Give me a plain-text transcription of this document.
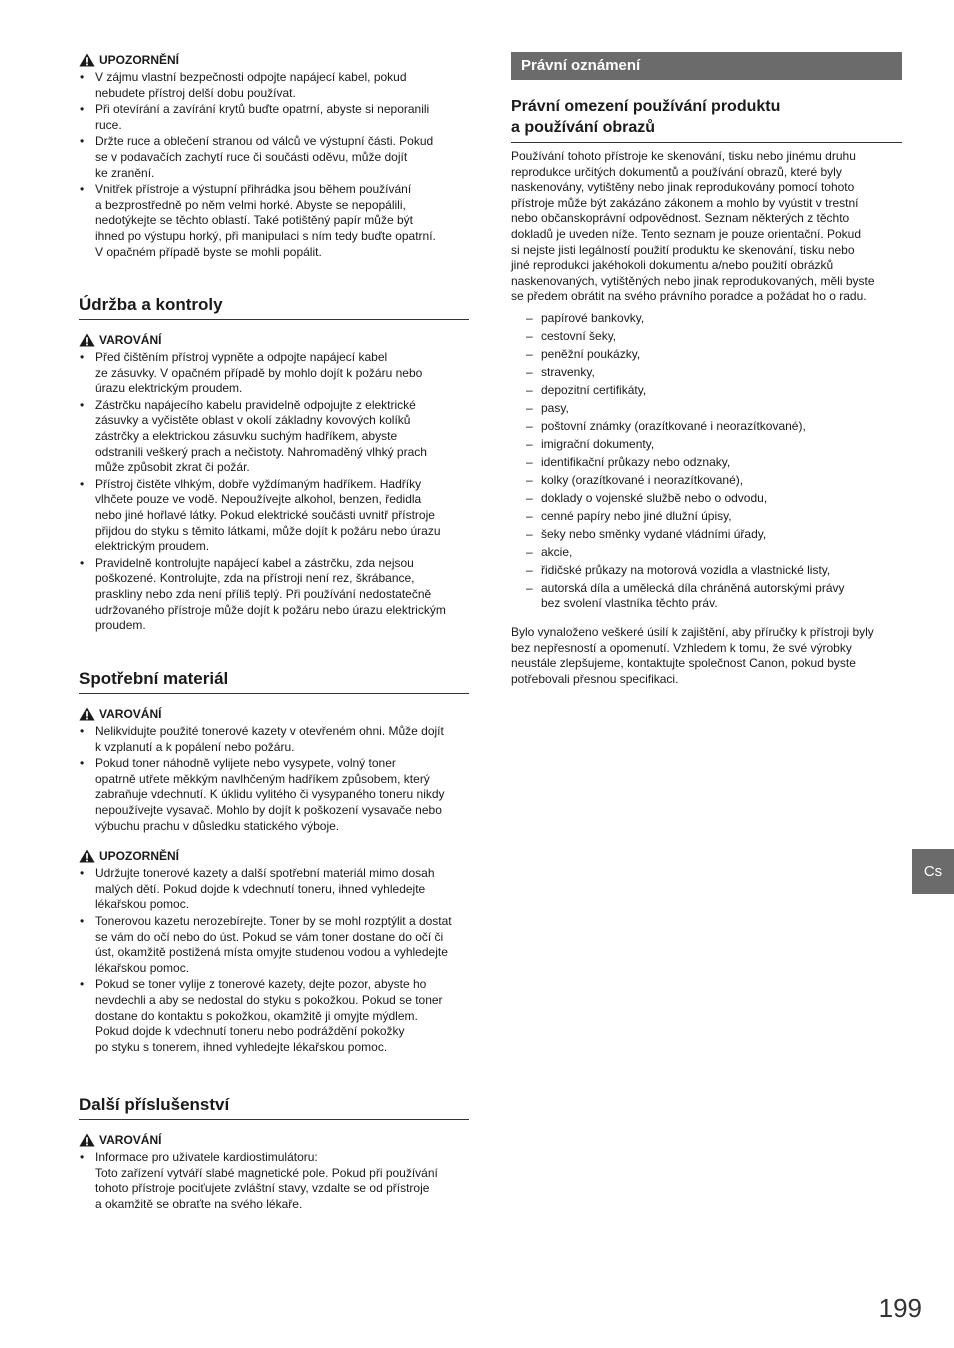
UPOZORNĚNÍ
• V zájmu vlastní bezpečnosti odpojte napájecí kabel, pokud
nebudete přístroj delší dobu používat.
• Při otevírání a zavírání krytů buďte opatrní, abyste si neporanili
ruce.
• Držte ruce a oblečení stranou od válců ve výstupní části. Pokud
se v podavačích zachytí ruce či součásti oděvu, může dojít
ke zranění.
• Vnitřek přístroje a výstupní přihrádka jsou během používání
a bezprostředně po něm velmi horké. Abyste se nepopálili,
nedotýkejte se těchto oblastí. Také potištěný papír může být
ihned po výstupu horký, při manipulaci s ním tedy buďte opatrní.
V opačném případě byste se mohli popálit.
Údržba a kontroly
VAROVÁNÍ
• Před čištěním přístroj vypněte a odpojte napájecí kabel
ze zásuvky. V opačném případě by mohlo dojít k požáru nebo
úrazu elektrickým proudem.
• Zástrčku napájecího kabelu pravidelně odpojujte z elektrické
zásuvky a vyčistěte oblast v okolí základny kovových kolíků
zástrčky a elektrickou zásuvku suchým hadříkem, abyste
odstranili veškerý prach a nečistoty. Nahromaděný vlhký prach
může způsobit zkrat či požár.
• Přístroj čistěte vlhkým, dobře vyždímaným hadříkem. Hadříky
vlhčete pouze ve vodě. Nepoužívejte alkohol, benzen, ředidla
nebo jiné hořlavé látky. Pokud elektrické součásti uvnitř přístroje
přijdou do styku s těmito látkami, může dojít k požáru nebo úrazu
elektrickým proudem.
• Pravidelně kontrolujte napájecí kabel a zástrčku, zda nejsou
poškozené. Kontrolujte, zda na přístroji není rez, škrábance,
prasklinу nebo zda není příliš teplý. Při používání nedostatečně
udržovaného přístroje může dojít k požáru nebo úrazu elektrickým
proudem.
Spotřební materiál
VAROVÁNÍ
• Nelikvidujte použité tonerové kazety v otevřeném ohni. Může dojít
k vzplanutí a k popálení nebo požáru.
• Pokud toner náhodně vylijete nebo vysypete, volný toner
opatrně utřete měkkým navlhčeným hadříkem způsobem, který
zabraňuje vdechnutí. K úklidu vylitého či vysypaného toneru nikdy
nepoužívejte vysavač. Mohlo by dojít k poškození vysavače nebo
výbuchu prachu v důsledku statického výboje.
UPOZORNĚNÍ
• Udržujte tonerové kazety a další spotřební materiál mimo dosah
malých dětí. Pokud dojde k vdechnutí toneru, ihned vyhledejte
lékařskou pomoc.
• Tonerovou kazetu nerozebírejte. Toner by se mohl rozptýlit a dostat
se vám do očí nebo do úst. Pokud se vám toner dostane do očí či
úst, okamžitě postižená místa omyjte studenou vodou a vyhledejte
lékařskou pomoc.
• Pokud se toner vylije z tonerové kazety, dejte pozor, abyste ho
nevdechli a aby se nedostal do styku s pokožkou. Pokud se toner
dostane do kontaktu s pokožkou, okamžitě ji omyjte mýdlem.
Pokud dojde k vdechnutí toneru nebo podráždění pokožky
po styku s tonerem, ihned vyhledejte lékařskou pomoc.
Další příslušenství
VAROVÁNÍ
• Informace pro uživatele kardiostimulátoru:
Toto zařízení vytváří slabé magnetické pole. Pokud při používání
tohoto přístroje pociťujete zvláštní stavy, vzdalte se od přístroje
a okamžitě se obraťte na svého lékaře.
Právní oznámení
Právní omezení používání produktu
a používání obrazů

Používání tohoto přístroje ke skenování, tisku nebo jinému druhu
reprodukce určitých dokumentů a používání obrazů, které byly
naskenovány, vytištěny nebo jinak reprodukovány pomocí tohoto
přístroje může být zakázáno zákonem a mohlo by vyústit v trestní
nebo občanskoprávní odpovědnost. Seznam některých z těchto
dokladů je uveden níže. Tento seznam je pouze orientační. Pokud
si nejste jisti legálností použití produktu ke skenování, tisku nebo
jiné reprodukci jakéhokoli dokumentu a/nebo použití obrázků
naskenovaných, vytištěných nebo jinak reprodukovaných, měli byste
se předem obrátit na svého právního poradce a požádat ho o radu.

– papírové bankovky,
– cestovní šeky,
– peněžní poukázky,
– stravenky,
– depozitní certifikáty,
– pasy,
– poštovní známky (orazítkované i neorazítkované),
– imigrační dokumenty,
– identifikační průkazy nebo odznaky,
– kolky (orazítkované i neorazítkované),
– doklady o vojenské službě nebo o odvodu,
– cenné papíry nebo jiné dlužní úpisy,
– šeky nebo směnky vydané vládními úřady,
– akcie,
– řidičské průkazy na motorová vozidla a vlastnické listy,
– autorská díla a umělecká díla chráněná autorskými právy
bez svolení vlastníka těchto práv.

Bylo vynaloženo veškeré úsilí k zajištění, aby příručky k přístroji byly
bez nepřesností a opomenutí. Vzhledem k tomu, že své výrobky
neustále zlepšujeme, kontaktujte společnost Canon, pokud byste
potřebovali přesnou specifikaci.

Cs
199
